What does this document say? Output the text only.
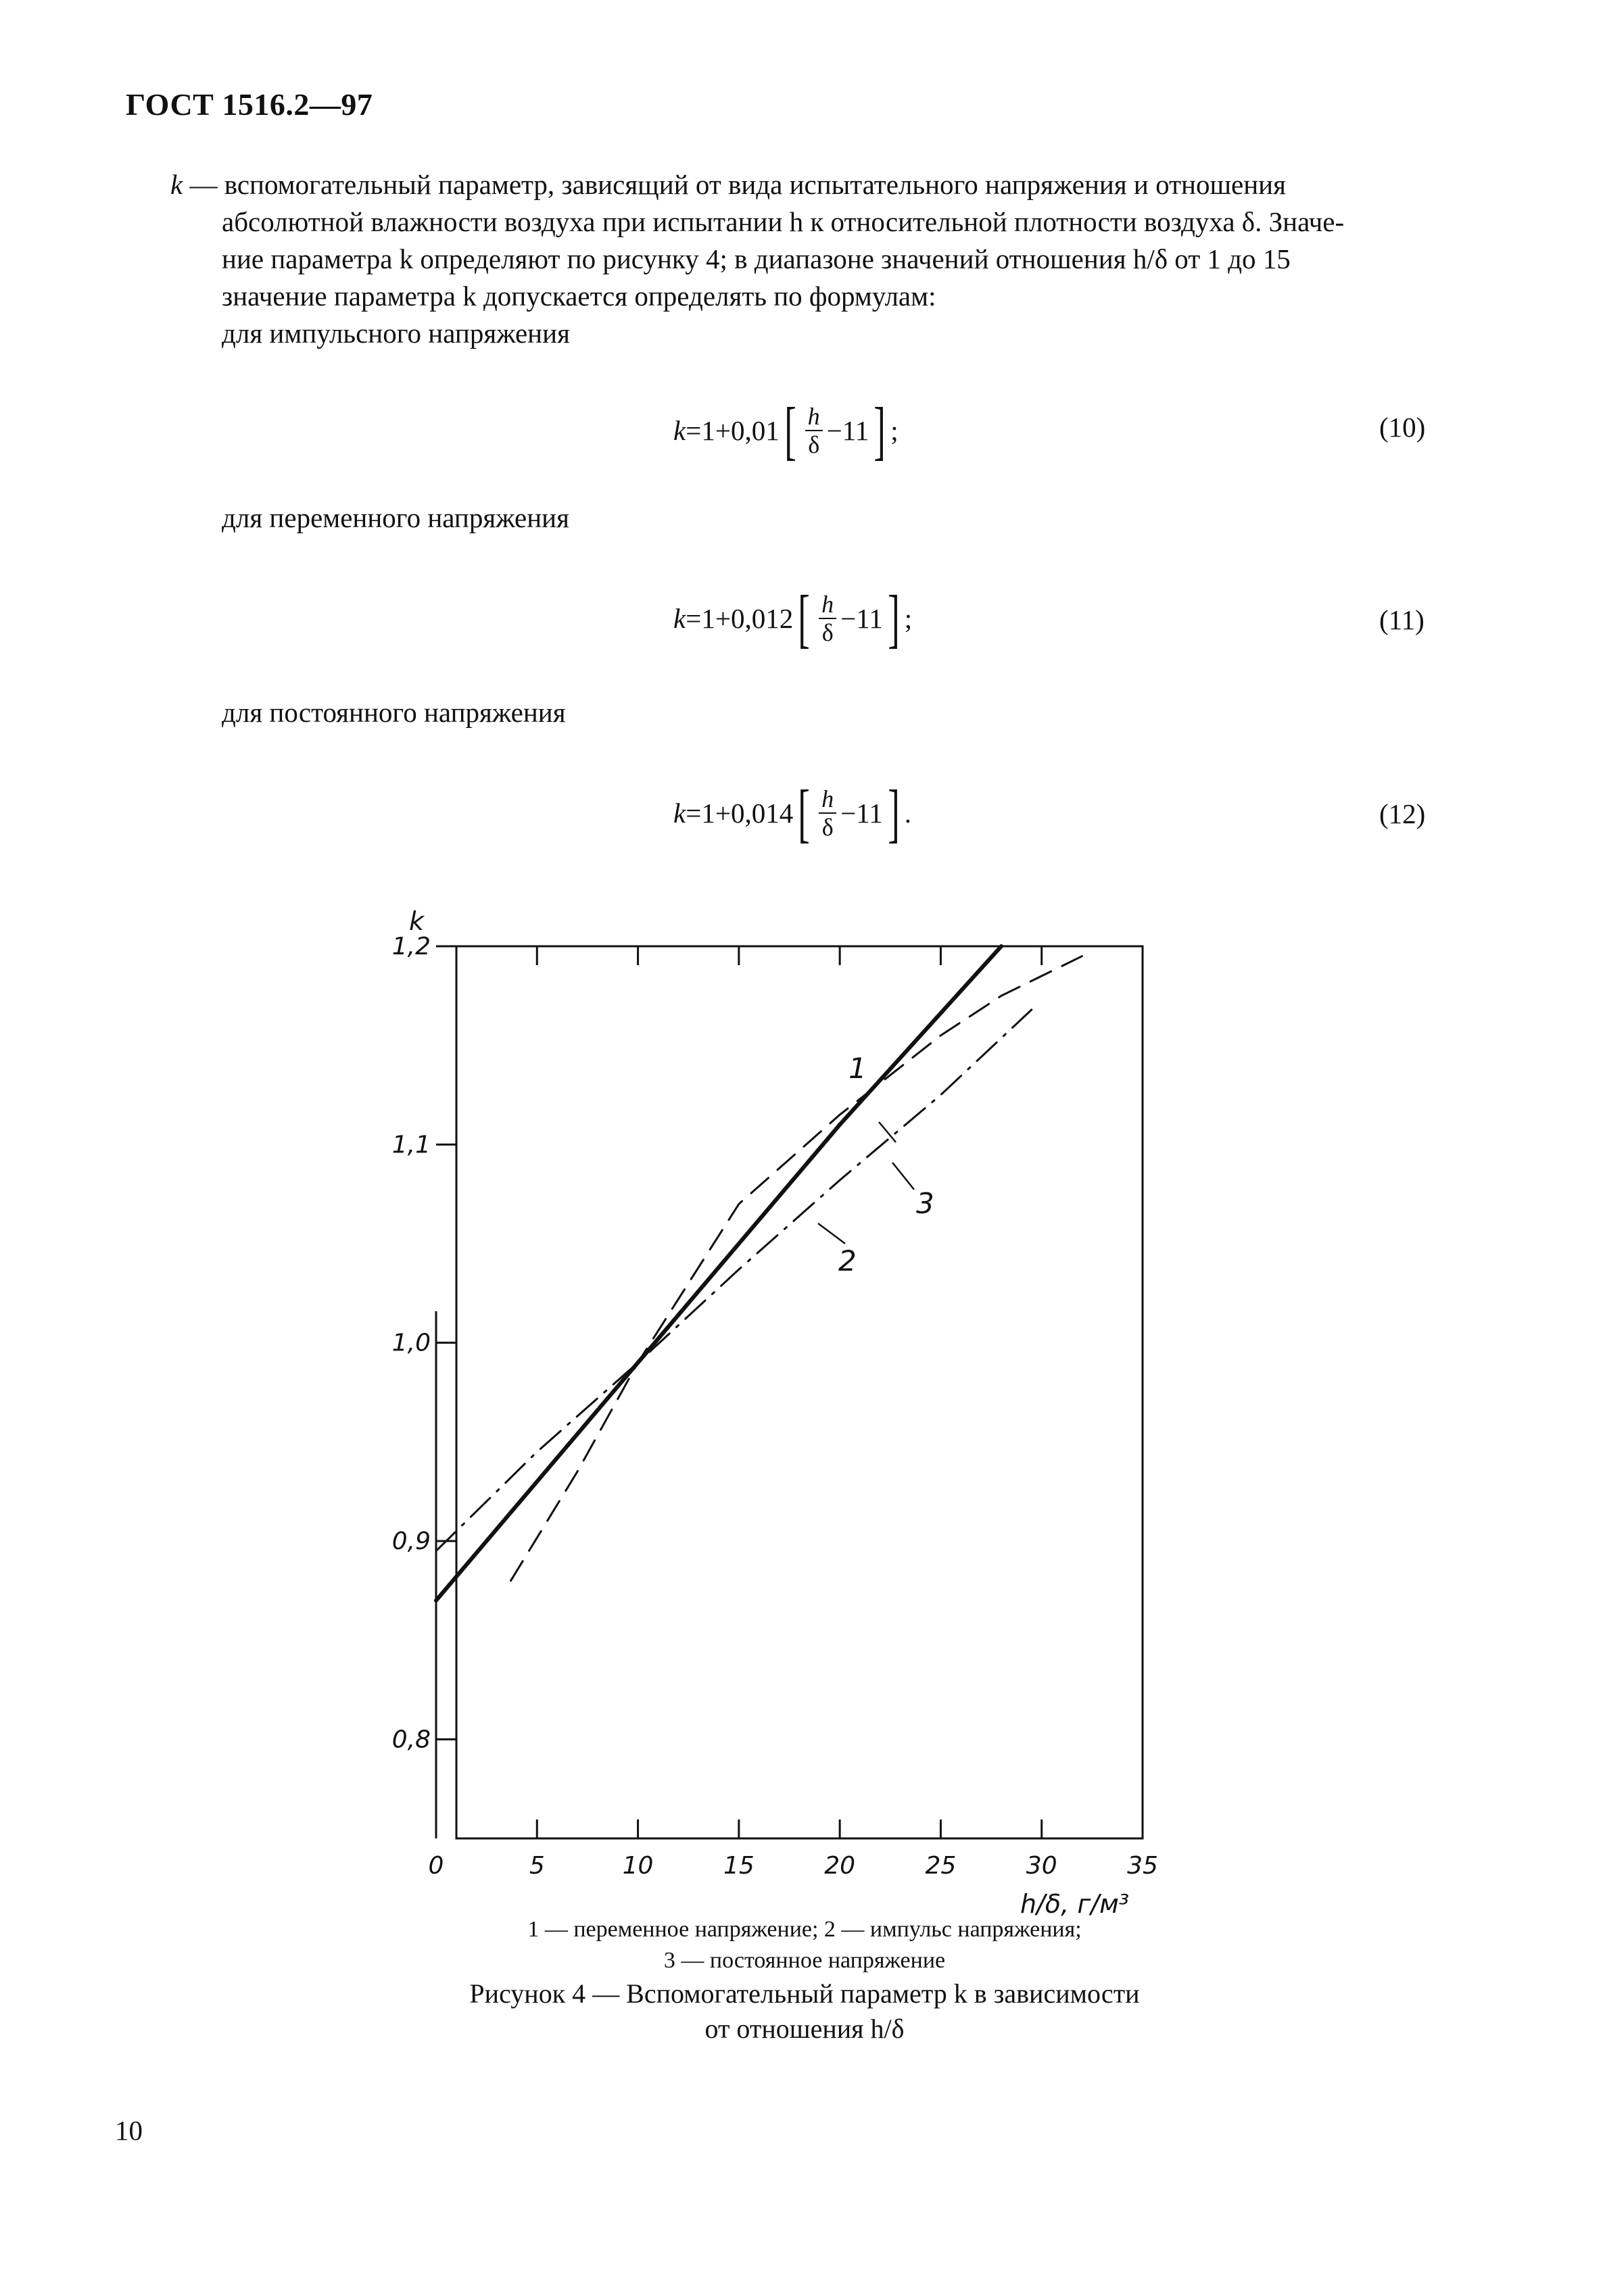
ГОСТ 1516.2—97

k — вспомогательный параметр, зависящий от вида испытательного напряжения и отношения

абсолютной влажности воздуха при испытании h к относительной плотности воздуха δ. Значе-

ние параметра k определяют по рисунку 4; в диапазоне значений отношения h/δ от 1 до 15

значение параметра k допускается определять по формулам:

для импульсного напряжения

k =1+0,01 [ $\frac{h}{\delta} -11$ ] ;	(10)
для переменного напряжения
k =1+0,012 [ $\frac{h}{\delta} -11$ ] ;	(11)
для постоянного напряжения
k =1+0,014 [ $\frac{h}{\delta} -11$ ] .	(12)
0	5	10	15	20	25	30	35
1,2
1,1
1,0
0,9
0,8
k
h/δ, г/м³
1
2
3
1 — переменное напряжение; 2 — импульс напряжения;
3 — постоянное напряжение
Рисунок 4 — Вспомогательный параметр k в зависимости
от отношения h/δ
10
